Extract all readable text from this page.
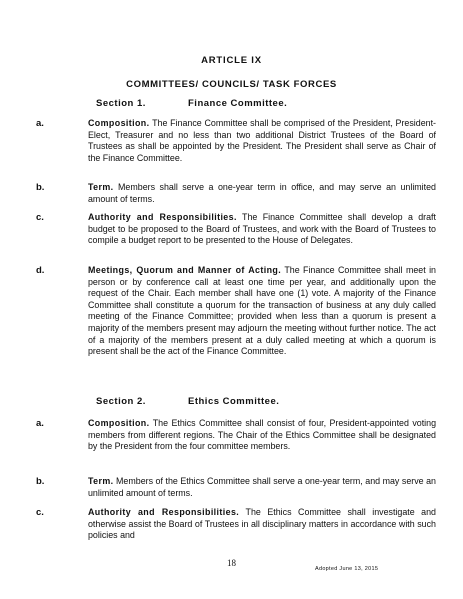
ARTICLE IX
COMMITTEES/ COUNCILS/ TASK FORCES
Section 1.	Finance Committee.
a.	Composition. The Finance Committee shall be comprised of the President, President-Elect, Treasurer and no less than two additional District Trustees of the Board of Trustees as shall be appointed by the President. The President shall serve as Chair of the Finance Committee.
b.	Term. Members shall serve a one-year term in office, and may serve an unlimited amount of terms.
c.	Authority and Responsibilities. The Finance Committee shall develop a draft budget to be proposed to the Board of Trustees, and work with the Board of Trustees to compile a budget report to be presented to the House of Delegates.
d.	Meetings, Quorum and Manner of Acting. The Finance Committee shall meet in person or by conference call at least one time per year, and additionally upon the request of the Chair. Each member shall have one (1) vote. A majority of the Finance Committee shall constitute a quorum for the transaction of business at any duly called meeting of the Finance Committee; provided when less than a quorum is present a majority of the members present may adjourn the meeting without further notice. The act of a majority of the members present at a duly called meeting at which a quorum is present shall be the act of the Finance Committee.
Section 2.	Ethics Committee.
a.	Composition. The Ethics Committee shall consist of four, President-appointed voting members from different regions. The Chair of the Ethics Committee shall be designated by the President from the four committee members.
b.	Term. Members of the Ethics Committee shall serve a one-year term, and may serve an unlimited amount of terms.
c.	Authority and Responsibilities. The Ethics Committee shall investigate and otherwise assist the Board of Trustees in all disciplinary matters in accordance with such policies and
18
Adopted June 13, 2015
